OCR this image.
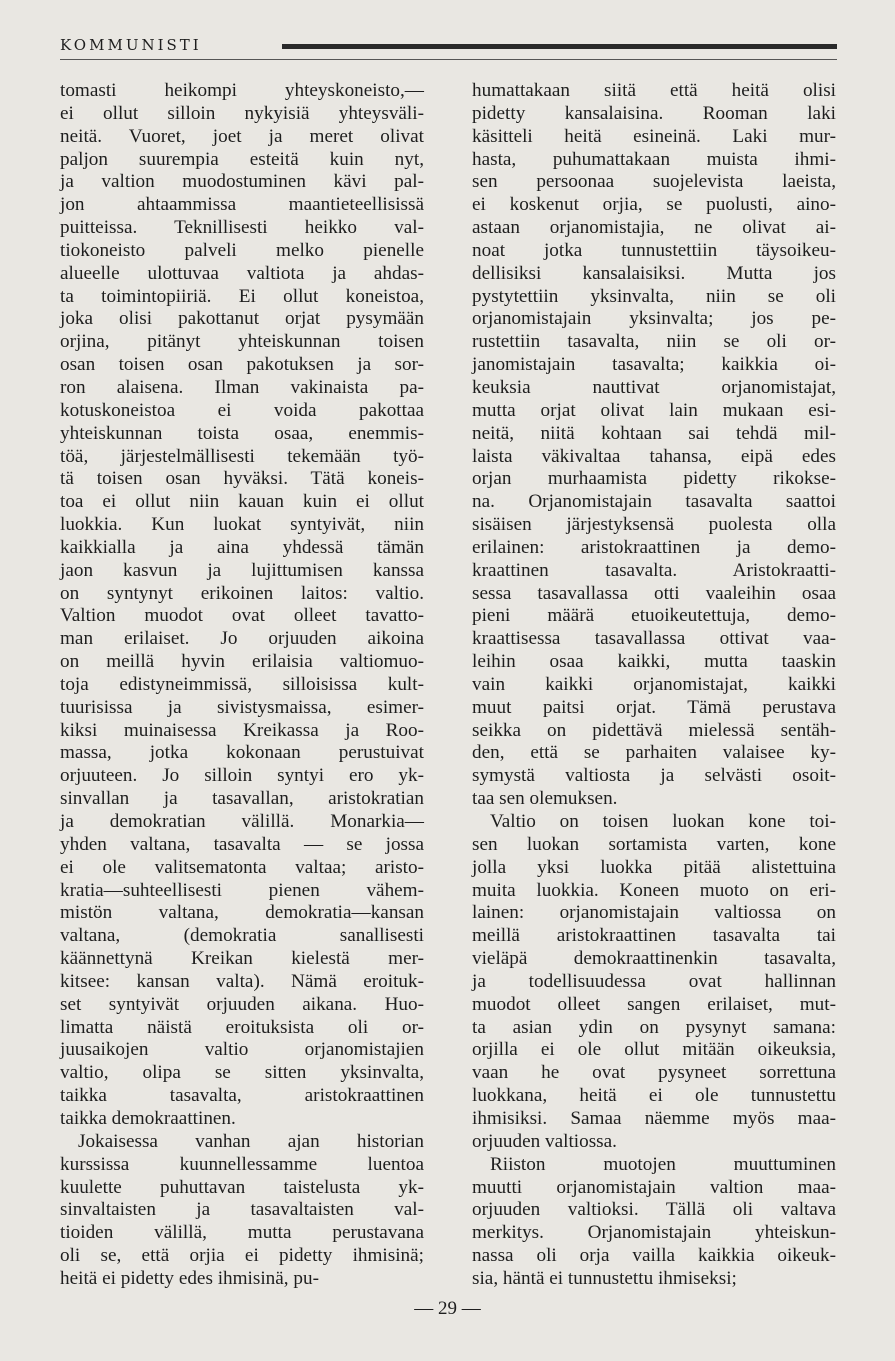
KOMMUNISTI
tomasti heikompi yhteyskoneisto,—
ei ollut silloin nykyisiä yhteysväli-
neitä. Vuoret, joet ja meret olivat
paljon suurempia esteitä kuin nyt,
ja valtion muodostuminen kävi pal-
jon ahtaammissa maantieteellisissä
puitteissa. Teknillisesti heikko val-
tiokoneisto palveli melko pienelle
alueelle ulottuvaa valtiota ja ahdas-
ta toimintopiiriä. Ei ollut koneistoa,
joka olisi pakottanut orjat pysymään
orjina, pitänyt yhteiskunnan toisen
osan toisen osan pakotuksen ja sor-
ron alaisena. Ilman vakinaista pa-
kotuskoneistoa ei voida pakottaa
yhteiskunnan toista osaa, enemmis-
töä, järjestelmällisesti tekemään työ-
tä toisen osan hyväksi. Tätä koneis-
toa ei ollut niin kauan kuin ei ollut
luokkia. Kun luokat syntyivät, niin
kaikkialla ja aina yhdessä tämän
jaon kasvun ja lujittumisen kanssa
on syntynyt erikoinen laitos: valtio.
Valtion muodot ovat olleet tavatto-
man erilaiset. Jo orjuuden aikoina
on meillä hyvin erilaisia valtiomuo-
toja edistyneimmissä, silloisissa kult-
tuurisissa ja sivistysmaissa, esimer-
kiksi muinaisessa Kreikassa ja Roo-
massa, jotka kokonaan perustuivat
orjuuteen. Jo silloin syntyi ero yk-
sinvallan ja tasavallan, aristokratian
ja demokratian välillä. Monarkia—
yhden valtana, tasavalta — se jossa
ei ole valitsematonta valtaa; aristo-
kratia—suhteellisesti pienen vähem-
mistön valtana, demokratia—kansan
valtana, (demokratia sanallisesti
käännettynä Kreikan kielestä mer-
kitsee: kansan valta). Nämä eroituk-
set syntyivät orjuuden aikana. Huo-
limatta näistä eroituksista oli or-
juusaikojen valtio orjanomistajien
valtio, olipa se sitten yksinvalta,
taikka tasavalta, aristokraattinen
taikka demokraattinen.
Jokaisessa vanhan ajan historian
kurssissa kuunnellessamme luentoa
kuulette puhuttavan taistelusta yk-
sinvaltaisten ja tasavaltaisten val-
tioiden välillä, mutta perustavana
oli se, että orjia ei pidetty ihmisinä;
heitä ei pidetty edes ihmisinä, pu-
humattakaan siitä että heitä olisi
pidetty kansalaisina. Rooman laki
käsitteli heitä esineinä. Laki mur-
hasta, puhumattakaan muista ihmi-
sen persoonaa suojelevista laeista,
ei koskenut orjia, se puolusti, aino-
astaan orjanomistajia, ne olivat ai-
noat jotka tunnustettiin täysoikeu-
dellisiksi kansalaisiksi. Mutta jos
pystytettiin yksinvalta, niin se oli
orjanomistajain yksinvalta; jos pe-
rustettiin tasavalta, niin se oli or-
janomistajain tasavalta; kaikkia oi-
keuksia nauttivat orjanomistajat,
mutta orjat olivat lain mukaan esi-
neitä, niitä kohtaan sai tehdä mil-
laista väkivaltaa tahansa, eipä edes
orjan murhaamista pidetty rikokse-
na. Orjanomistajain tasavalta saattoi
sisäisen järjestyksensä puolesta olla
erilainen: aristokraattinen ja demo-
kraattinen tasavalta. Aristokraatti-
sessa tasavallassa otti vaaleihin osaa
pieni määrä etuoikeutettuja, demo-
kraattisessa tasavallassa ottivat vaa-
leihin osaa kaikki, mutta taaskin
vain kaikki orjanomistajat, kaikki
muut paitsi orjat. Tämä perustava
seikka on pidettävä mielessä sentäh-
den, että se parhaiten valaisee ky-
symystä valtiosta ja selvästi osoit-
taa sen olemuksen.
Valtio on toisen luokan kone toi-
sen luokan sortamista varten, kone
jolla yksi luokka pitää alistettuina
muita luokkia. Koneen muoto on eri-
lainen: orjanomistajain valtiossa on
meillä aristokraattinen tasavalta tai
vieläpä demokraattinenkin tasavalta,
ja todellisuudessa ovat hallinnan
muodot olleet sangen erilaiset, mut-
ta asian ydin on pysynyt samana:
orjilla ei ole ollut mitään oikeuksia,
vaan he ovat pysyneet sorrettuna
luokkana, heitä ei ole tunnustettu
ihmisiksi. Samaa näemme myös maa-
orjuuden valtiossa.
Riiston muotojen muuttuminen
muutti orjanomistajain valtion maa-
orjuuden valtioksi. Tällä oli valtava
merkitys. Orjanomistajain yhteiskun-
nassa oli orja vailla kaikkia oikeuk-
sia, häntä ei tunnustettu ihmiseksi;
— 29 —
